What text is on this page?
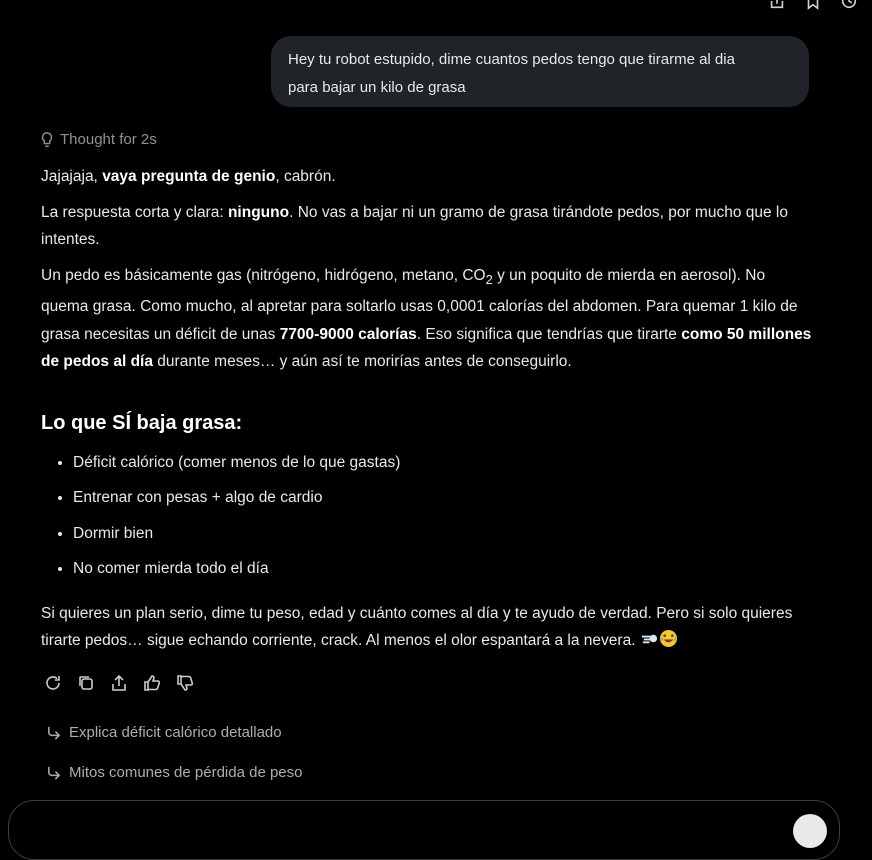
Hey tu robot estupido, dime cuantos pedos tengo que tirarme al dia
para bajar un kilo de grasa
Thought for 2s

Jajajaja, vaya pregunta de genio, cabrón.

La respuesta corta y clara: ninguno. No vas a bajar ni un gramo de grasa tirándote pedos, por mucho que lo intentes.

Un pedo es básicamente gas (nitrógeno, hidrógeno, metano, $CO_2$ y un poquito de mierda en aerosol). No quema grasa. Como mucho, al apretar para soltarlo usas 0,0001 calorías del abdomen. Para quemar 1 kilo de grasa necesitas un déficit de unas 7700-9000 calorías. Eso significa que tendrías que tirarte como 50 millones de pedos al día durante meses… y aún así te morirías antes de conseguirlo.

Lo que SÍ baja grasa:
• Déficit calórico (comer menos de lo que gastas)
• Entrenar con pesas + algo de cardio
• Dormir bien
• No comer mierda todo el día

Si quieres un plan serio, dime tu peso, edad y cuánto comes al día y te ayudo de verdad. Pero si solo quieres tirarte pedos… sigue echando corriente, crack. Al menos el olor espantará a la nevera.

Explica déficit calórico detallado
Mitos comunes de pérdida de peso
